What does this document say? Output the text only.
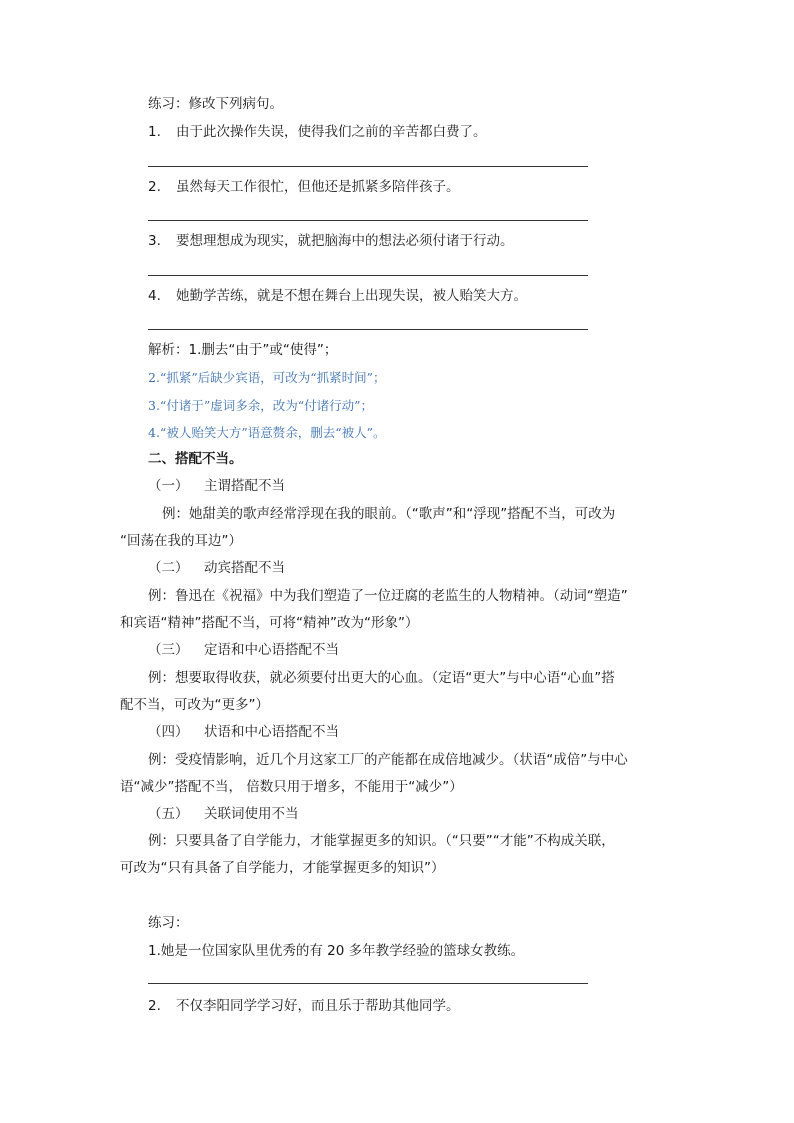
练习：修改下列病句。
1. 由于此次操作失误，使得我们之前的辛苦都白费了。
2. 虽然每天工作很忙，但他还是抓紧多陪伴孩子。
3. 要想理想成为现实，就把脑海中的想法必须付诸于行动。
4. 她勤学苦练，就是不想在舞台上出现失误，被人贻笑大方。
解析：1.删去“由于”或“使得”；
2.“抓紧”后缺少宾语，可改为“抓紧时间”；
3.“付诸于”虚词多余，改为“付诸行动”；
4.“被人贻笑大方”语意赘余，删去“被人”。
二、搭配不当。
（一） 主谓搭配不当
例：她甜美的歌声经常浮现在我的眼前。（“歌声”和“浮现”搭配不当，可改为
“回荡在我的耳边”）
（二） 动宾搭配不当
例：鲁迅在《祝福》中为我们塑造了一位迂腐的老监生的人物精神。（动词“塑造”
和宾语“精神”搭配不当，可将“精神”改为“形象”）
（三） 定语和中心语搭配不当
例：想要取得收获，就必须要付出更大的心血。（定语“更大”与中心语“心血”搭
配不当，可改为“更多”）
（四） 状语和中心语搭配不当
例：受疫情影响，近几个月这家工厂的产能都在成倍地减少。（状语“成倍”与中心
语“减少”搭配不当， 倍数只用于增多，不能用于“减少”）
（五） 关联词使用不当
例：只要具备了自学能力，才能掌握更多的知识。（“只要”“才能”不构成关联，
可改为“只有具备了自学能力，才能掌握更多的知识”）
练习：
1.她是一位国家队里优秀的有 20 多年教学经验的篮球女教练。
2. 不仅李阳同学学习好，而且乐于帮助其他同学。
